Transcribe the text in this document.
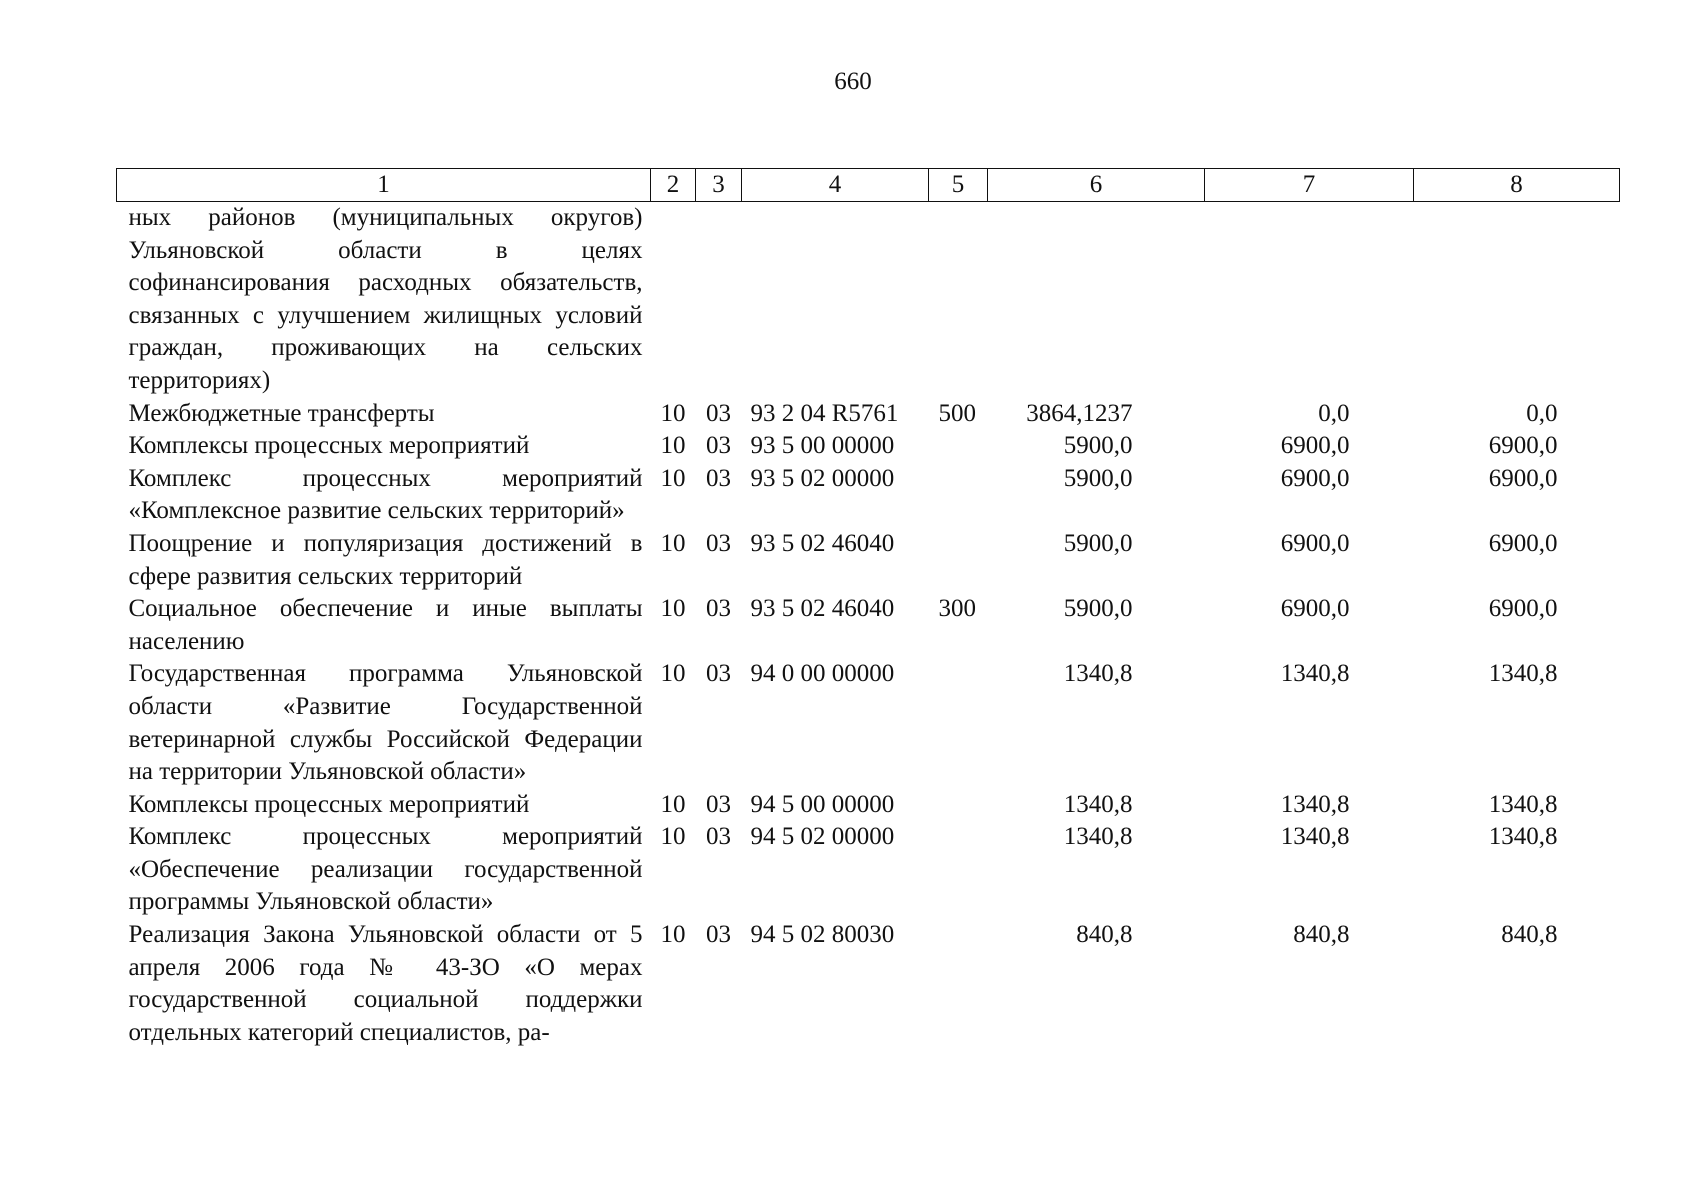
660
1	2	3	4	5	6	7	8
ных районов (муниципальных округов) Ульяновской области в целях софинансирования расходных обязательств, связанных с улучшением жилищных условий граждан, проживающих на сельских территориях)							
Межбюджетные трансферты	10	03	93 2 04 R5761	500	3864,1237	0,0	0,0
Комплексы процессных мероприятий	10	03	93 5 00 00000		5900,0	6900,0	6900,0
Комплекс процессных мероприятий «Комплексное развитие сельских территорий»	10	03	93 5 02 00000		5900,0	6900,0	6900,0
Поощрение и популяризация достижений в сфере развития сельских территорий	10	03	93 5 02 46040		5900,0	6900,0	6900,0
Социальное обеспечение и иные выплаты населению	10	03	93 5 02 46040	300	5900,0	6900,0	6900,0
Государственная программа Ульяновской области «Развитие Государственной ветеринарной службы Российской Федерации на территории Ульяновской области»	10	03	94 0 00 00000		1340,8	1340,8	1340,8
Комплексы процессных мероприятий	10	03	94 5 00 00000		1340,8	1340,8	1340,8
Комплекс процессных мероприятий «Обеспечение реализации государственной программы Ульяновской области»	10	03	94 5 02 00000		1340,8	1340,8	1340,8
Реализация Закона Ульяновской области от 5 апреля 2006 года № 43-ЗО «О мерах государственной социальной поддержки отдельных категорий специалистов, ра-	10	03	94 5 02 80030		840,8	840,8	840,8
